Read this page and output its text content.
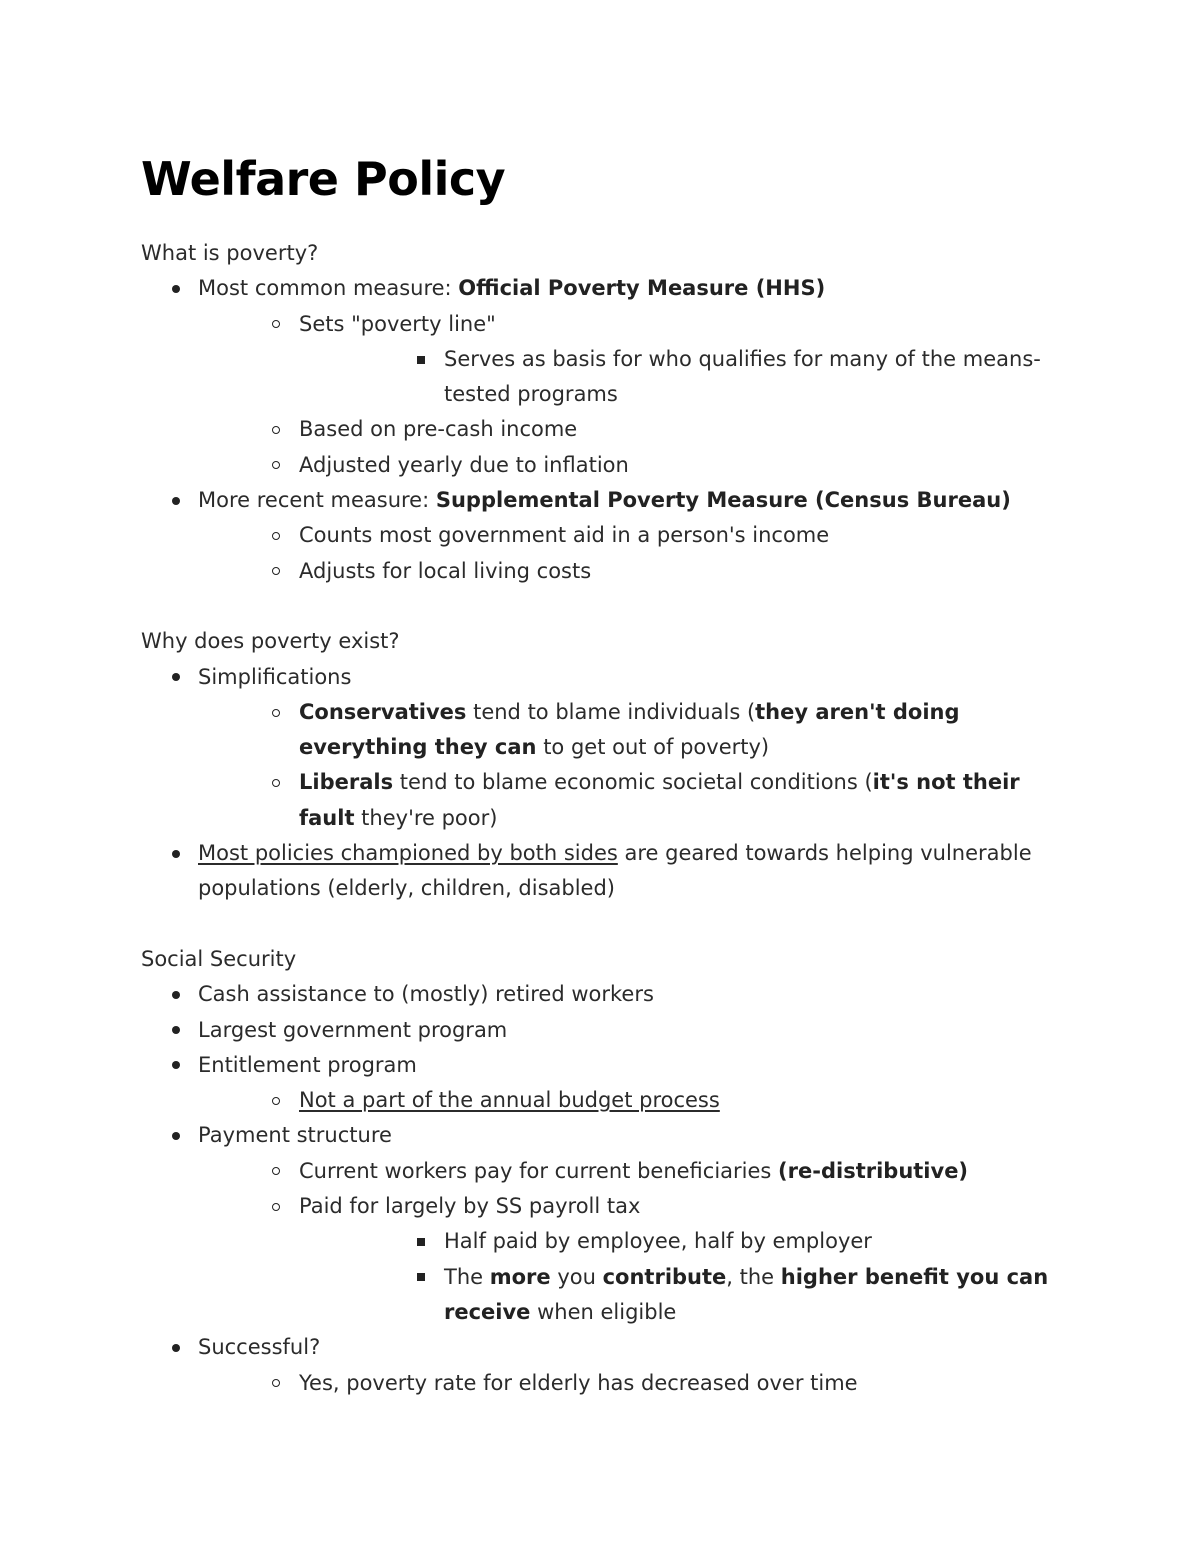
Welfare Policy

What is poverty?

Most common measure: Official Poverty Measure (HHS)
Sets "poverty line"
Serves as basis for who qualifies for many of the means-tested programs
Based on pre-cash income
Adjusted yearly due to inflation
More recent measure: Supplemental Poverty Measure (Census Bureau)
Counts most government aid in a person's income
Adjusts for local living costs

Why does poverty exist?

Simplifications
Conservatives tend to blame individuals (they aren't doing everything they can to get out of poverty)
Liberals tend to blame economic societal conditions (it's not their fault they're poor)
Most policies championed by both sides are geared towards helping vulnerable populations (elderly, children, disabled)

Social Security

Cash assistance to (mostly) retired workers
Largest government program
Entitlement program
Not a part of the annual budget process
Payment structure
Current workers pay for current beneficiaries (re-distributive)
Paid for largely by SS payroll tax
Half paid by employee, half by employer
The more you contribute, the higher benefit you can receive when eligible
Successful?
Yes, poverty rate for elderly has decreased over time
